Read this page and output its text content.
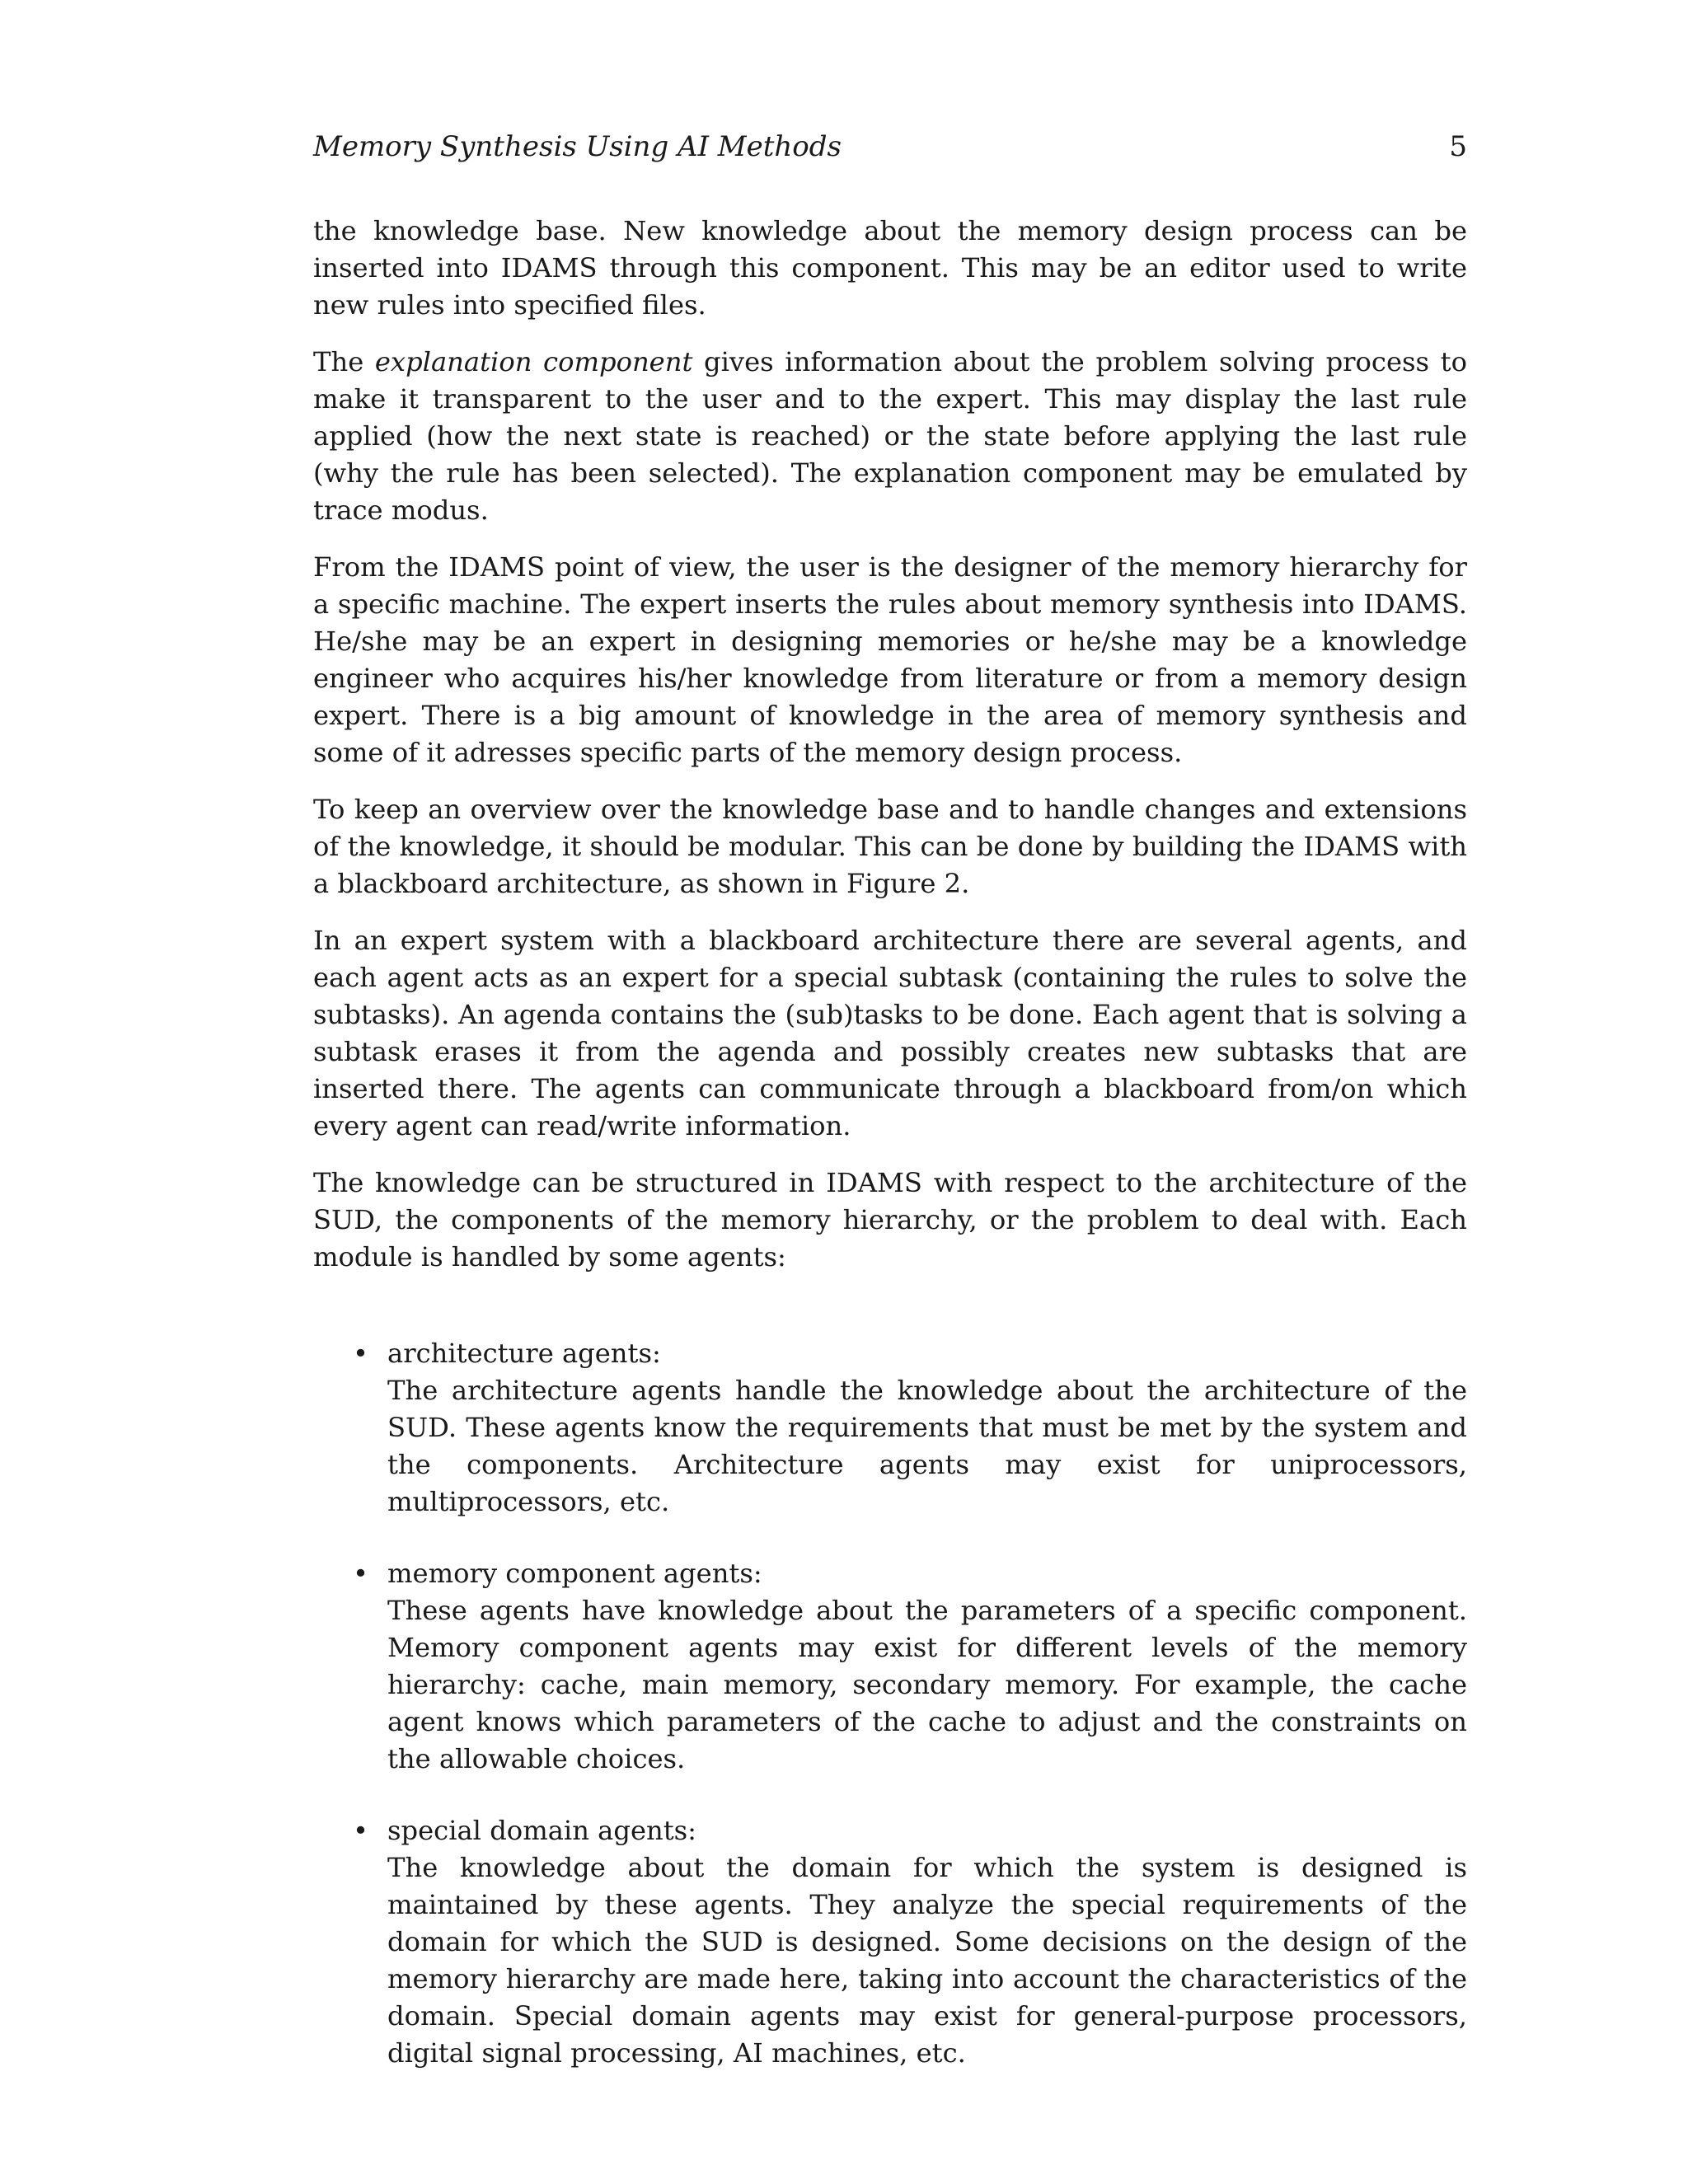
Memory Synthesis Using AI Methods	5

the knowledge base. New knowledge about the memory design process can be inserted into IDAMS through this component. This may be an editor used to write new rules into specified files.

The explanation component gives information about the problem solving process to make it transparent to the user and to the expert. This may display the last rule applied (how the next state is reached) or the state before applying the last rule (why the rule has been selected). The explanation component may be emulated by trace modus.

From the IDAMS point of view, the user is the designer of the memory hierarchy for a specific machine. The expert inserts the rules about memory synthesis into IDAMS. He/she may be an expert in designing memories or he/she may be a knowledge engineer who acquires his/her knowledge from literature or from a memory design expert. There is a big amount of knowledge in the area of memory synthesis and some of it adresses specific parts of the memory design process.

To keep an overview over the knowledge base and to handle changes and extensions of the knowledge, it should be modular. This can be done by building the IDAMS with a blackboard architecture, as shown in Figure 2.

In an expert system with a blackboard architecture there are several agents, and each agent acts as an expert for a special subtask (containing the rules to solve the subtasks). An agenda contains the (sub)tasks to be done. Each agent that is solving a subtask erases it from the agenda and possibly creates new subtasks that are inserted there. The agents can communicate through a blackboard from/on which every agent can read/write information.

The knowledge can be structured in IDAMS with respect to the architecture of the SUD, the components of the memory hierarchy, or the problem to deal with. Each module is handled by some agents:

• architecture agents:
The architecture agents handle the knowledge about the architecture of the SUD. These agents know the requirements that must be met by the system and the components. Architecture agents may exist for uniprocessors, multiprocessors, etc.
• memory component agents:
These agents have knowledge about the parameters of a specific component. Memory component agents may exist for different levels of the memory hierarchy: cache, main memory, secondary memory. For example, the cache agent knows which parameters of the cache to adjust and the constraints on the allowable choices.
• special domain agents:
The knowledge about the domain for which the system is designed is maintained by these agents. They analyze the special requirements of the domain for which the SUD is designed. Some decisions on the design of the memory hierarchy are made here, taking into account the characteristics of the domain. Special domain agents may exist for general-purpose processors, digital signal processing, AI machines, etc.
